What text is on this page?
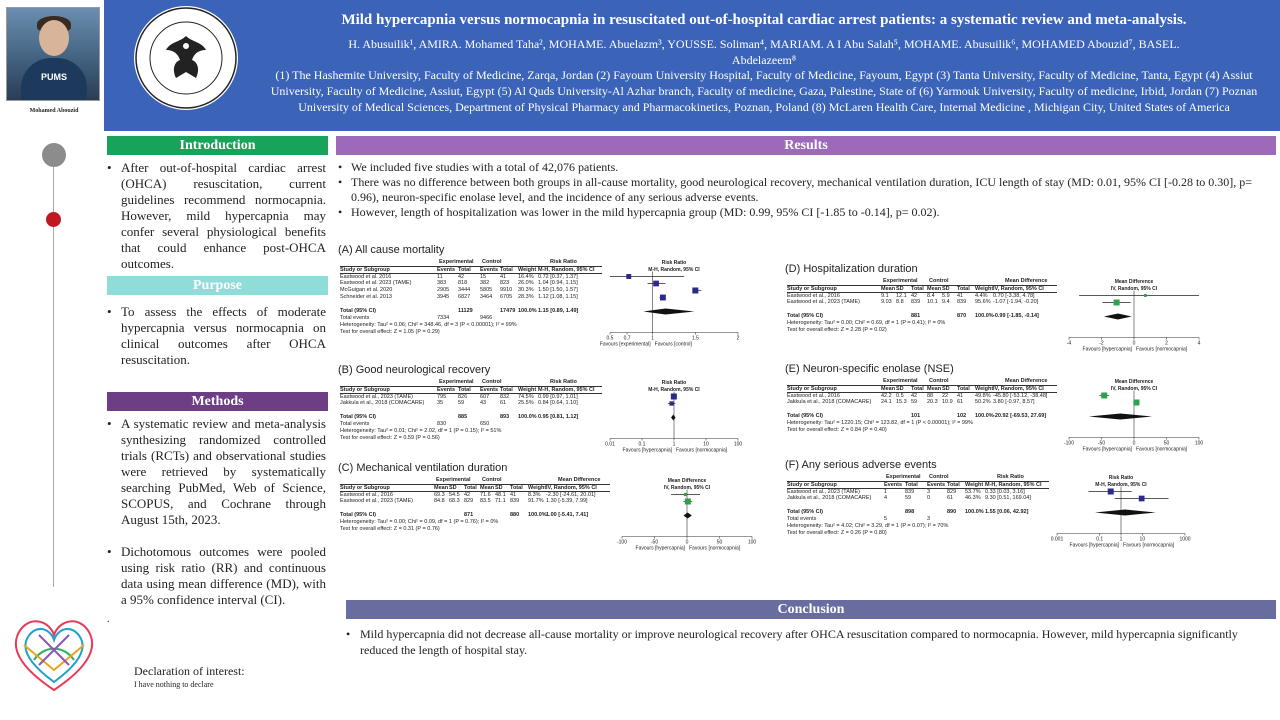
PUMS
Mohamed Abouzid
Mild hypercapnia versus normocapnia in resuscitated out-of-hospital cardiac arrest patients: a systematic review and meta-analysis.
H. Abusuilik¹, AMIRA. Mohamed Taha², MOHAME. Abuelazm³, YOUSSE. Soliman⁴, MARIAM. A I Abu Salah⁵, MOHAME. Abusuilik⁶, MOHAMED Abouzid⁷, BASEL.
Abdelazeem⁸
(1) The Hashemite University, Faculty of Medicine, Zarqa, Jordan (2) Fayoum University Hospital, Faculty of Medicine, Fayoum, Egypt (3) Tanta University, Faculty of Medicine, Tanta, Egypt (4) Assiut University, Faculty of Medicine, Assiut, Egypt (5) Al Quds University-Al Azhar branch, Faculty of medicine, Gaza, Palestine, State of (6) Yarmouk University, Faculty of medicine, Irbid, Jordan (7) Poznan University of Medical Sciences, Department of Physical Pharmacy and Pharmacokinetics, Poznan, Poland (8) McLaren Health Care, Internal Medicine , Michigan City, United States of America
Introduction
• After out-of-hospital cardiac arrest (OHCA) resuscitation, current guidelines recommend normocapnia. However, mild hypercapnia may confer several physiological benefits that could enhance post-OHCA outcomes.
Purpose
• To assess the effects of moderate hypercapnia versus normocapnia on clinical outcomes after OHCA resuscitation.
Methods
• A systematic review and meta-analysis synthesizing randomized controlled trials (RCTs) and observational studies were retrieved by systematically searching PubMed, Web of Science, SCOPUS, and Cochrane through August 15th, 2023.
• Dichotomous outcomes were pooled using risk ratio (RR) and continuous data using mean difference (MD), with a 95% confidence interval (CI).
.
Declaration of interest:
I have nothing to declare
Results
• We included five studies with a total of 42,076 patients.
• There was no difference between both groups in all-cause mortality, good neurological recovery, mechanical ventilation duration, ICU length of stay (MD: 0.01, 95% CI [-0.28 to 0.30], p= 0.96), neuron-specific enolase level, and the incidence of any serious adverse events.
• However, length of hospitalization was lower in the mild hypercapnia group (MD: 0.99, 95% CI [-1.85 to -0.14], p= 0.02).
(A) All cause mortality
Experimental Control	Risk Ratio
Study or Subgroup	Events Total Events Total Weight M-H, Random, 95% CI
Eastwood et al. 2016	11	42	15	41 16.4% 0.72 [0.37, 1.37]
Eastwood et al. 2023 (TAME)	383 818 382 823 26.0% 1.04 [0.94, 1.15]
McGuigan et al. 2020	2905 3444 5805 9910 30.3% 1.50 [1.50, 1.57]
Schneider et al. 2013	3945 6827 3464 6705 28.3% 1.12 [1.08, 1.15]
Total (95% CI)	11129	17479 100.0% 1.15 [0.89, 1.49]
Total events	7334	9466
Heterogeneity: Tau² = 0.06; Chi² = 348.46, df = 3 (P < 0.00001); I² = 99%
Test for overall effect: Z = 1.05 (P = 0.29)
Risk Ratio
M-H, Random, 95% CI
0.5 0.7	1	1.5	2
Favours [experimental] Favours [control]
(B) Good neurological recovery
Experimental Control	Risk Ratio
Study or Subgroup	Events Total Events Total Weight M-H, Random, 95% CI
Eastwood et al., 2023 (TAME)	795 826 607 832 74.5% 0.99 [0.97, 1.01]
Jakkula et al., 2018 (COMACARE) 35	59	43	61 25.5% 0.84 [0.64, 1.10]
Total (95% CI)	885	893 100.0% 0.95 [0.81, 1.12]
Total events	830	650
Heterogeneity: Tau² = 0.01; Chi² = 2.02, df = 1 (P = 0.15); I² = 51%
Test for overall effect: Z = 0.59 (P = 0.56)
Risk Ratio
M-H, Random, 95% CI
0.01	0.1	1	10	100
Favours [hypercapnia] Favours [normocapnia]
(C) Mechanical ventilation duration
Experimental Control	Mean Difference
Study or Subgroup	Mean SD Total Mean SD Total Weight IV, Random, 95% CI
Eastwood et al., 2016	69.3 54.5 42 71.6 48.1 41 8.3% -2.30 [-24.61, 20.01]
Eastwood et al., 2023 (TAME)	84.8 68.3 829 83.5 71.1 839 91.7% 1.30 [-5.39, 7.99]
Total (95% CI)	871	880 100.0% 1.00 [-5.41, 7.41]
Heterogeneity: Tau² = 0.00; Chi² = 0.09, df = 1 (P = 0.76); I² = 0%
Test for overall effect: Z = 0.31 (P = 0.76)
Mean Difference
IV, Random, 95% CI
-100	-50	0	50	100
Favours [hypercapnia] Favours [normocapnia]
(D) Hospitalization duration
Experimental Control	Mean Difference
Study or Subgroup	Mean SD Total Mean SD Total Weight IV, Random, 95% CI
Eastwood et al., 2016	9.1 12.1 42 8.4 5.9 41 4.4% 0.70 [-3.38, 4.78]
Eastwood et al., 2023 (TAME)	9.03 8.8 839 10.1 9.4 839 95.6% -1.07 [-1.94, -0.20]
Total (95% CI)	881	870 100.0% -0.99 [-1.85, -0.14]
Heterogeneity: Tau² = 0.00; Chi² = 0.69, df = 1 (P = 0.41); I² = 0%
Test for overall effect: Z = 2.28 (P = 0.02)
Mean Difference
IV, Random, 95% CI
-4	-2	0	2	4
Favours [hypercapnia] Favours [normocapnia]
(E) Neuron-specific enolase (NSE)
Experimental Control	Mean Difference
Study or Subgroup	Mean SD Total Mean SD Total Weight IV, Random, 95% CI
Eastwood et al., 2016	42.2 0.5 42 88 22 41 49.8% -45.80 [-53.12, -38.48]
Jakkula et al., 2018 (COMACARE) 24.1 15.3 59 20.3 10.9 61 50.2% 3.80 [-0.97, 8.57]
Total (95% CI)	101	102 100.0% -20.92 [-69.53, 27.69]
Heterogeneity: Tau² = 1220.15; Chi² = 123.82, df = 1 (P < 0.00001); I² = 99%
Test for overall effect: Z = 0.84 (P = 0.40)
Mean Difference
IV, Random, 95% CI
-100	-50	0	50	100
Favours [hypercapnia] Favours [normocapnia]
(F) Any serious adverse events
Experimental Control	Risk Ratio
Study or Subgroup	Events Total Events Total Weight M-H, Random, 95% CI
Eastwood et al., 2023 (TAME)	1	839 3	829 53.7% 0.33 [0.03, 3.16]
Jakkula et al., 2018 (COMACARE) 4	59	0	61 46.3% 9.30 [0.51, 169.04]
Total (95% CI)	898	890 100.0% 1.55 [0.06, 42.92]
Total events	5	3
Heterogeneity: Tau² = 4.02; Chi² = 3.29, df = 1 (P = 0.07); I² = 70%
Test for overall effect: Z = 0.26 (P = 0.80)
Risk Ratio
M-H, Random, 95% CI
0.001	0.1	1	10	1000
Favours [hypercapnia] Favours [normocapnia]
Conclusion
• Mild hypercapnia did not decrease all-cause mortality or improve neurological recovery after OHCA resuscitation compared to normocapnia. However, mild hypercapnia significantly reduced the length of hospital stay.
